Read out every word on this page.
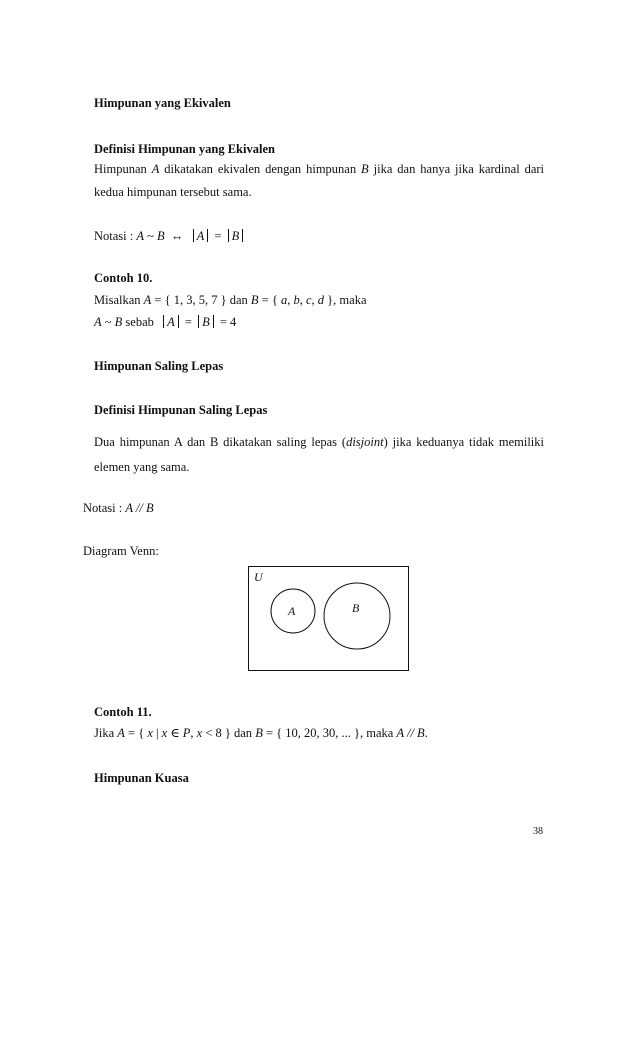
Himpunan yang Ekivalen
Definisi Himpunan yang Ekivalen
Himpunan A dikatakan ekivalen dengan himpunan B jika dan hanya jika kardinal dari
kedua himpunan tersebut sama.
Notasi : A ~ B ↔ A = B
Contoh 10.
Misalkan A = { 1, 3, 5, 7 } dan B = { a, b, c, d }, maka
A ~ B sebab A = B = 4
Himpunan Saling Lepas
Definisi Himpunan Saling Lepas
Dua himpunan A dan B dikatakan saling lepas (disjoint) jika keduanya tidak memiliki
elemen yang sama.
Notasi : A // B
Diagram Venn:
U
A	B
Contoh 11.
Jika A = { x | x ∈ P, x < 8 } dan B = { 10, 20, 30, ... }, maka A // B.
Himpunan Kuasa
38
